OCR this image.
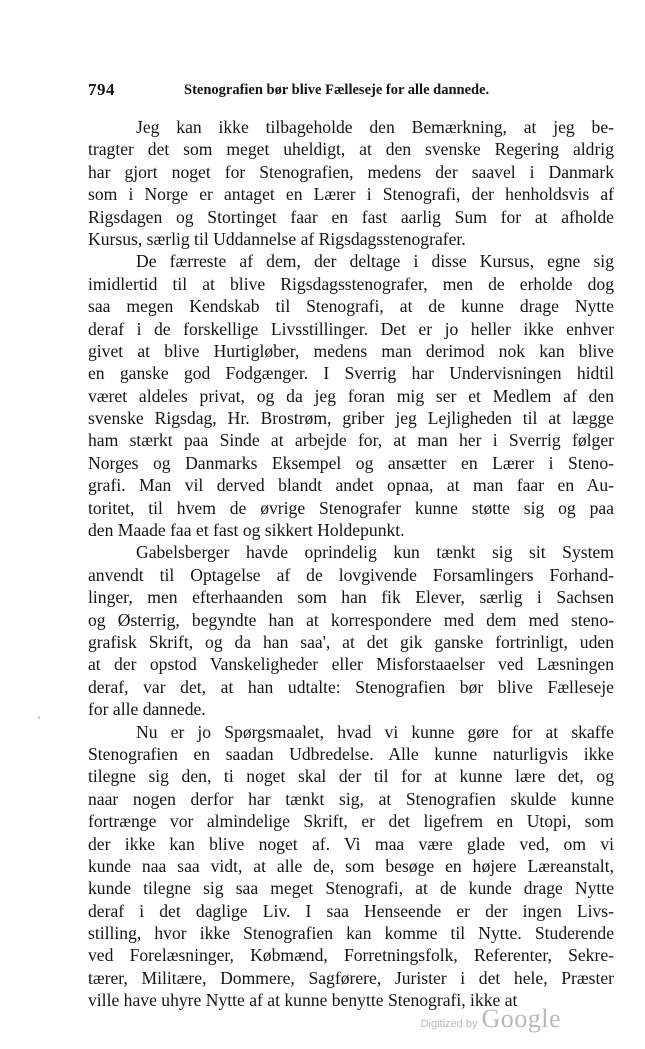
794	Stenografien bør blive Fælleseje for alle dannede.
Jeg kan ikke tilbageholde den Bemærkning, at jeg be-
tragter det som meget uheldigt, at den svenske Regering aldrig
har gjort noget for Stenografien, medens der saavel i Danmark
som i Norge er antaget en Lærer i Stenografi, der henholdsvis af
Rigsdagen og Stortinget faar en fast aarlig Sum for at afholde
Kursus, særlig til Uddannelse af Rigsdagsstenografer.
De færreste af dem, der deltage i disse Kursus, egne sig
imidlertid til at blive Rigsdagsstenografer, men de erholde dog
saa megen Kendskab til Stenografi, at de kunne drage Nytte
deraf i de forskellige Livsstillinger. Det er jo heller ikke enhver
givet at blive Hurtigløber, medens man derimod nok kan blive
en ganske god Fodgænger. I Sverrig har Undervisningen hidtil
været aldeles privat, og da jeg foran mig ser et Medlem af den
svenske Rigsdag, Hr. Brostrøm, griber jeg Lejligheden til at lægge
ham stærkt paa Sinde at arbejde for, at man her i Sverrig følger
Norges og Danmarks Eksempel og ansætter en Lærer i Steno-
grafi. Man vil derved blandt andet opnaa, at man faar en Au-
toritet, til hvem de øvrige Stenografer kunne støtte sig og paa
den Maade faa et fast og sikkert Holdepunkt.
Gabelsberger havde oprindelig kun tænkt sig sit System
anvendt til Optagelse af de lovgivende Forsamlingers Forhand-
linger, men efterhaanden som han fik Elever, særlig i Sachsen
og Østerrig, begyndte han at korrespondere med dem med steno-
grafisk Skrift, og da han saa', at det gik ganske fortrinligt, uden
at der opstod Vanskeligheder eller Misforstaaelser ved Læsningen
deraf, var det, at han udtalte: Stenografien bør blive Fælleseje
for alle dannede.
Nu er jo Spørgsmaalet, hvad vi kunne gøre for at skaffe
Stenografien en saadan Udbredelse. Alle kunne naturligvis ikke
tilegne sig den, ti noget skal der til for at kunne lære det, og
naar nogen derfor har tænkt sig, at Stenografien skulde kunne
fortrænge vor almindelige Skrift, er det ligefrem en Utopi, som
der ikke kan blive noget af. Vi maa være glade ved, om vi
kunde naa saa vidt, at alle de, som besøge en højere Læreanstalt,
kunde tilegne sig saa meget Stenografi, at de kunde drage Nytte
deraf i det daglige Liv. I saa Henseende er der ingen Livs-
stilling, hvor ikke Stenografien kan komme til Nytte. Studerende
ved Forelæsninger, Købmænd, Forretningsfolk, Referenter, Sekre-
tærer, Militære, Dommere, Sagførere, Jurister i det hele, Præster
ville have uhyre Nytte af at kunne benytte Stenografi, ikke at
`
Digitized by Google
